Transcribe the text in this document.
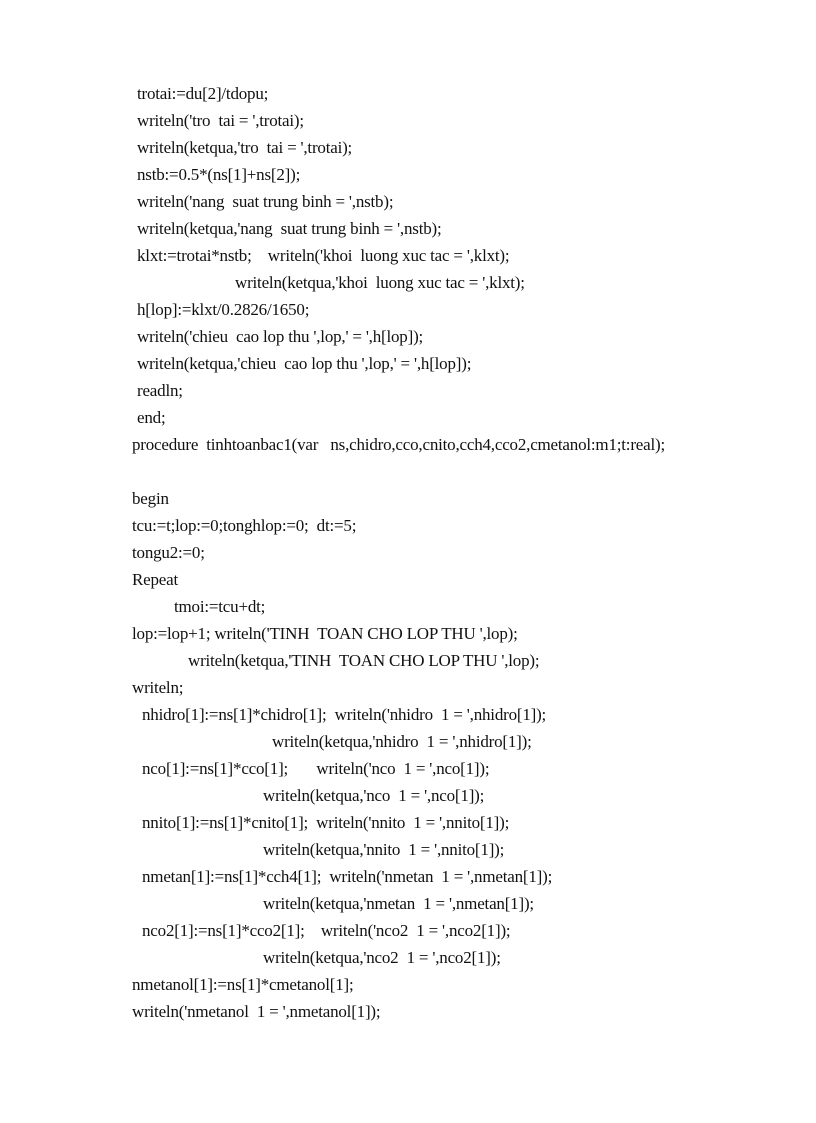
trotai:=du[2]/tdopu;
writeln('tro  tai = ',trotai);
writeln(ketqua,'tro  tai = ',trotai);
nstb:=0.5*(ns[1]+ns[2]);
writeln('nang  suat trung binh = ',nstb);
writeln(ketqua,'nang  suat trung binh = ',nstb);
klxt:=trotai*nstb;    writeln('khoi  luong xuc tac = ',klxt);
writeln(ketqua,'khoi  luong xuc tac = ',klxt);
h[lop]:=klxt/0.2826/1650;
writeln('chieu  cao lop thu ',lop,' = ',h[lop]);
writeln(ketqua,'chieu  cao lop thu ',lop,' = ',h[lop]);
readln;
end;
procedure  tinhtoanbac1(var   ns,chidro,cco,cnito,cch4,cco2,cmetanol:m1;t:real);
begin
tcu:=t;lop:=0;tonghlop:=0;  dt:=5;
tongu2:=0;
Repeat
tmoi:=tcu+dt;
lop:=lop+1; writeln('TINH  TOAN CHO LOP THU ',lop);
writeln(ketqua,'TINH  TOAN CHO LOP THU ',lop);
writeln;
nhidro[1]:=ns[1]*chidro[1];  writeln('nhidro  1 = ',nhidro[1]);
writeln(ketqua,'nhidro  1 = ',nhidro[1]);
nco[1]:=ns[1]*cco[1];       writeln('nco  1 = ',nco[1]);
writeln(ketqua,'nco  1 = ',nco[1]);
nnito[1]:=ns[1]*cnito[1];  writeln('nnito  1 = ',nnito[1]);
writeln(ketqua,'nnito  1 = ',nnito[1]);
nmetan[1]:=ns[1]*cch4[1];  writeln('nmetan  1 = ',nmetan[1]);
writeln(ketqua,'nmetan  1 = ',nmetan[1]);
nco2[1]:=ns[1]*cco2[1];    writeln('nco2  1 = ',nco2[1]);
writeln(ketqua,'nco2  1 = ',nco2[1]);
nmetanol[1]:=ns[1]*cmetanol[1];
writeln('nmetanol  1 = ',nmetanol[1]);
